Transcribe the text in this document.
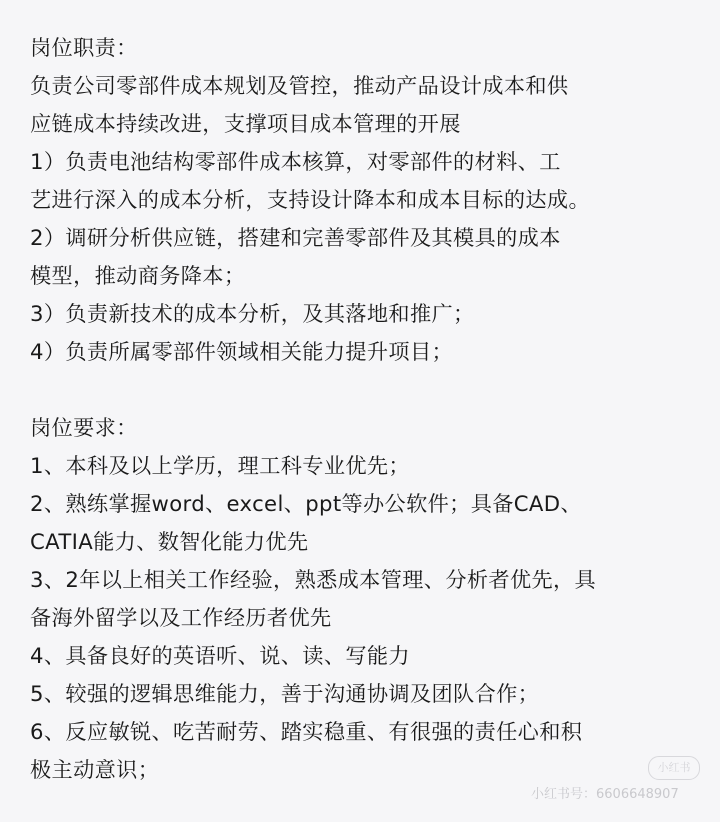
岗位职责：
负责公司零部件成本规划及管控，推动产品设计成本和供
应链成本持续改进，支撑项目成本管理的开展
1）负责电池结构零部件成本核算，对零部件的材料、工
艺进行深入的成本分析，支持设计降本和成本目标的达成。
2）调研分析供应链，搭建和完善零部件及其模具的成本
模型，推动商务降本；
3）负责新技术的成本分析，及其落地和推广；
4）负责所属零部件领域相关能力提升项目；
岗位要求：
1、本科及以上学历，理工科专业优先；
2、熟练掌握word、excel、ppt等办公软件；具备CAD、
CATIA能力、数智化能力优先
3、2年以上相关工作经验，熟悉成本管理、分析者优先，具
备海外留学以及工作经历者优先
4、具备良好的英语听、说、读、写能力
5、较强的逻辑思维能力，善于沟通协调及团队合作；
6、反应敏锐、吃苦耐劳、踏实稳重、有很强的责任心和积
极主动意识；	小红书
小红书号：6606648907
